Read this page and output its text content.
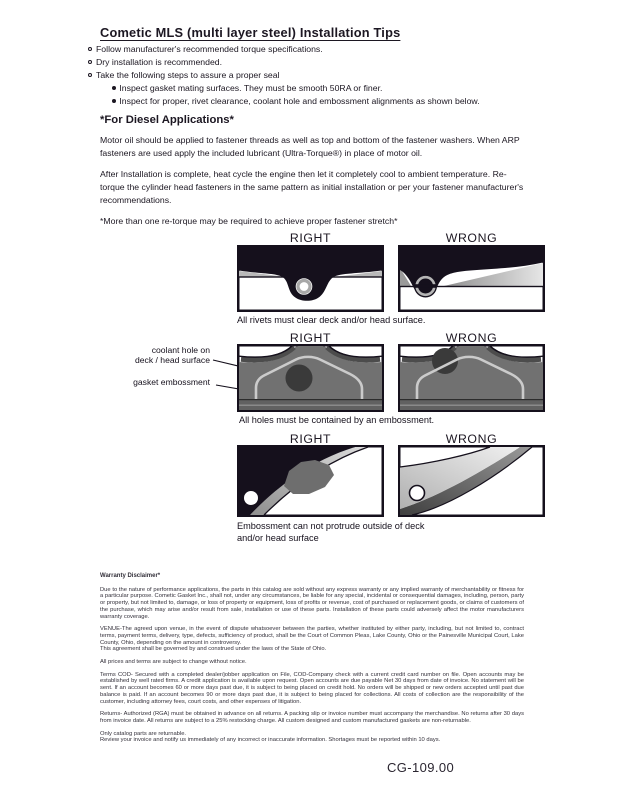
Cometic MLS (multi layer steel) Installation Tips
Follow manufacturer's recommended torque specifications.
Dry installation is recommended.
Take the following steps to assure a proper seal
Inspect gasket mating surfaces. They must be smooth 50RA or finer.
Inspect for proper, rivet clearance, coolant hole and embossment alignments as shown below.
*For Diesel Applications*

Motor oil should be applied to fastener threads as well as top and bottom of the fastener washers. When ARP fasteners are used apply the included lubricant (Ultra-Torque®) in place of motor oil.

After Installation is complete, heat cycle the engine then let it completely cool to ambient temperature. Re-torque the cylinder head fasteners in the same pattern as initial installation or per your fastener manufacturer's recommendations.

*More than one re-torque may be required to achieve proper fastener stretch*

RIGHT	WRONG
All rivets must clear deck and/or head surface.
RIGHT	WRONG
coolant hole on
deck / head surface
gasket embossment
All holes must be contained by an embossment.
RIGHT	WRONG
Embossment can not protrude outside of deck
and/or head surface
Warranty Disclaimer*
Due to the nature of performance applications, the parts in this catalog are sold without any express warranty or any implied warranty of merchantability or fitness for a particular purpose. Cometic Gasket Inc., shall not, under any circumstances, be liable for any special, incidental or consequential damages, including, person, party or property, but not limited to, damage, or loss of property or equipment, loss of profits or revenue, cost of purchased or replacement goods, or claims of customers of the purchase, which may arise and/or result from sale, installation or use of these parts. Installation of these parts could adversely affect the motor manufacturers warranty coverage.
VENUE-The agreed upon venue, in the event of dispute whatsoever between the parties, whether instituted by either party, including, but not limited to, contract terms, payment terms, delivery, type, defects, sufficiency of product, shall be the Court of Common Pleas, Lake County, Ohio or the Painesville Municipal Court, Lake County, Ohio, depending on the amount in controversy.
This agreement shall be governed by and construed under the laws of the State of Ohio.
All prices and terms are subject to change without notice.
Terms COD- Secured with a completed dealer/jobber application on File, COD-Company check with a current credit card number on file. Open accounts may be established by well rated firms. A credit application is available upon request. Open accounts are due payable Net 30 days from date of invoice. No statement will be sent. If an account becomes 60 or more days past due, it is subject to being placed on credit hold. No orders will be shipped or new orders accepted until past due balance is paid. If an account becomes 90 or more days past due, it is subject to being placed for collections. All costs of collection are the responsibility of the customer, including attorney fees, court costs, and other expenses of litigation.
Returns- Authorized (RGA) must be obtained in advance on all returns. A packing slip or invoice number must accompany the merchandise. No returns after 30 days from invoice date. All returns are subject to a 25% restocking charge. All custom designed and custom manufactured gaskets are non-returnable.
Only catalog parts are returnable.
Review your invoice and notify us immediately of any incorrect or inaccurate information. Shortages must be reported within 10 days.
CG-109.00
